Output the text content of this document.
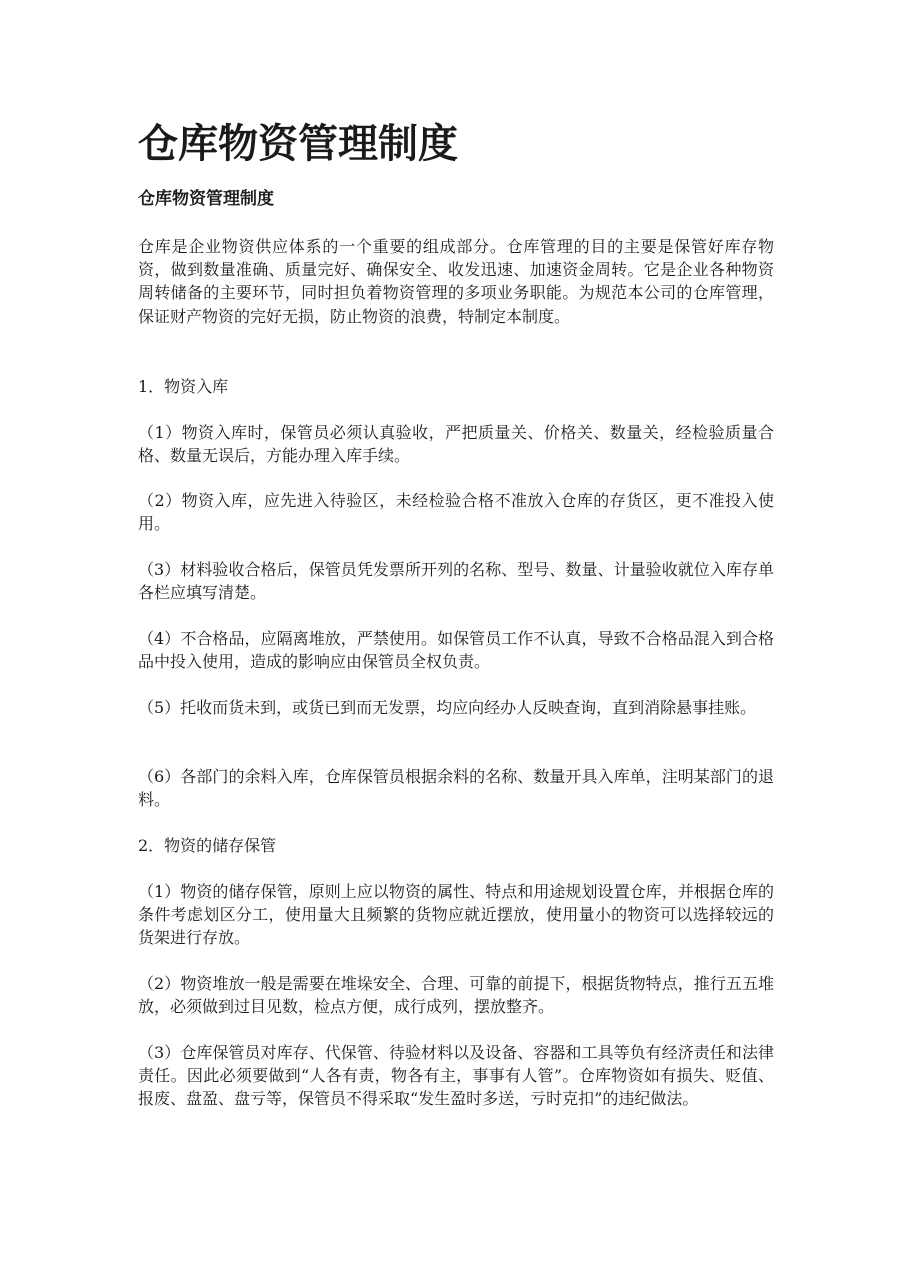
仓库物资管理制度

仓库物资管理制度

仓库是企业物资供应体系的一个重要的组成部分。仓库管理的目的主要是保管好库存物资，做到数量准确、质量完好、确保安全、收发迅速、加速资金周转。它是企业各种物资周转储备的主要环节，同时担负着物资管理的多项业务职能。为规范本公司的仓库管理，保证财产物资的完好无损，防止物资的浪费，特制定本制度。

1．物资入库

（1）物资入库时，保管员必须认真验收，严把质量关、价格关、数量关，经检验质量合格、数量无误后，方能办理入库手续。

（2）物资入库，应先进入待验区，未经检验合格不准放入仓库的存货区，更不准投入使用。

（3）材料验收合格后，保管员凭发票所开列的名称、型号、数量、计量验收就位入库存单各栏应填写清楚。

（4）不合格品，应隔离堆放，严禁使用。如保管员工作不认真，导致不合格品混入到合格品中投入使用，造成的影响应由保管员全权负责。

（5）托收而货未到，或货已到而无发票，均应向经办人反映查询，直到消除悬事挂账。

（6）各部门的余料入库，仓库保管员根据余料的名称、数量开具入库单，注明某部门的退料。

2．物资的储存保管

（1）物资的储存保管，原则上应以物资的属性、特点和用途规划设置仓库，并根据仓库的条件考虑划区分工，使用量大且频繁的货物应就近摆放，使用量小的物资可以选择较远的货架进行存放。

（2）物资堆放一般是需要在堆垛安全、合理、可靠的前提下，根据货物特点，推行五五堆放，必须做到过目见数，检点方便，成行成列，摆放整齐。

（3）仓库保管员对库存、代保管、待验材料以及设备、容器和工具等负有经济责任和法律责任。因此必须要做到“人各有责，物各有主，事事有人管”。仓库物资如有损失、贬值、报废、盘盈、盘亏等，保管员不得采取“发生盈时多送，亏时克扣”的违纪做法。
